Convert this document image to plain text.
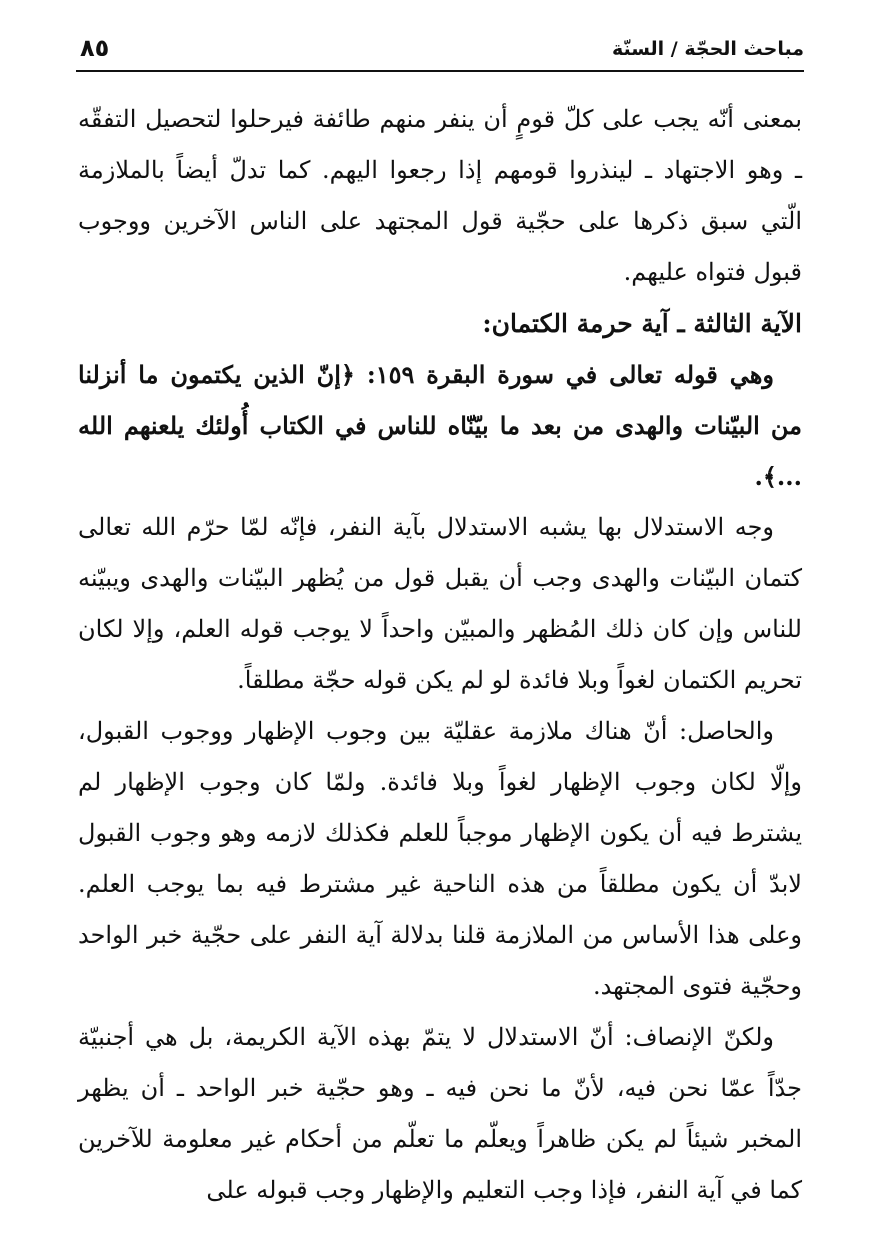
مباحث الحجّة / السنّة
٨٥

بمعنى أنّه يجب على كلّ قومٍ أن ينفر منهم طائفة فيرحلوا لتحصيل التفقّه ـ وهو الاجتهاد ـ لينذروا قومهم إذا رجعوا اليهم. كما تدلّ أيضاً بالملازمة الّتي سبق ذكرها على حجّية قول المجتهد على الناس الآخرين ووجوب قبول فتواه عليهم.

الآية الثالثة ـ آية حرمة الكتمان:

وهي قوله تعالى في سورة البقرة ١٥٩: ﴿إنّ الذين يكتمون ما أنزلنا من البيّنات والهدى من بعد ما بيّنّاه للناس في الكتاب أُولئك يلعنهم الله ...﴾.

وجه الاستدلال بها يشبه الاستدلال بآية النفر، فإنّه لمّا حرّم الله تعالى كتمان البيّنات والهدى وجب أن يقبل قول من يُظهر البيّنات والهدى ويبيّنه للناس وإن كان ذلك المُظهر والمبيّن واحداً لا يوجب قوله العلم، وإلا لكان تحريم الكتمان لغواً وبلا فائدة لو لم يكن قوله حجّة مطلقاً.

والحاصل: أنّ هناك ملازمة عقليّة بين وجوب الإظهار ووجوب القبول، وإلّا لكان وجوب الإظهار لغواً وبلا فائدة. ولمّا كان وجوب الإظهار لم يشترط فيه أن يكون الإظهار موجباً للعلم فكذلك لازمه وهو وجوب القبول لابدّ أن يكون مطلقاً من هذه الناحية غير مشترط فيه بما يوجب العلم. وعلى هذا الأساس من الملازمة قلنا بدلالة آية النفر على حجّية خبر الواحد وحجّية فتوى المجتهد.

ولكنّ الإنصاف: أنّ الاستدلال لا يتمّ بهذه الآية الكريمة، بل هي أجنبيّة جدّاً عمّا نحن فيه، لأنّ ما نحن فيه ـ وهو حجّية خبر الواحد ـ أن يظهر المخبر شيئاً لم يكن ظاهراً ويعلّم ما تعلّم من أحكام غير معلومة للآخرين كما في آية النفر، فإذا وجب التعليم والإظهار وجب قبوله على
